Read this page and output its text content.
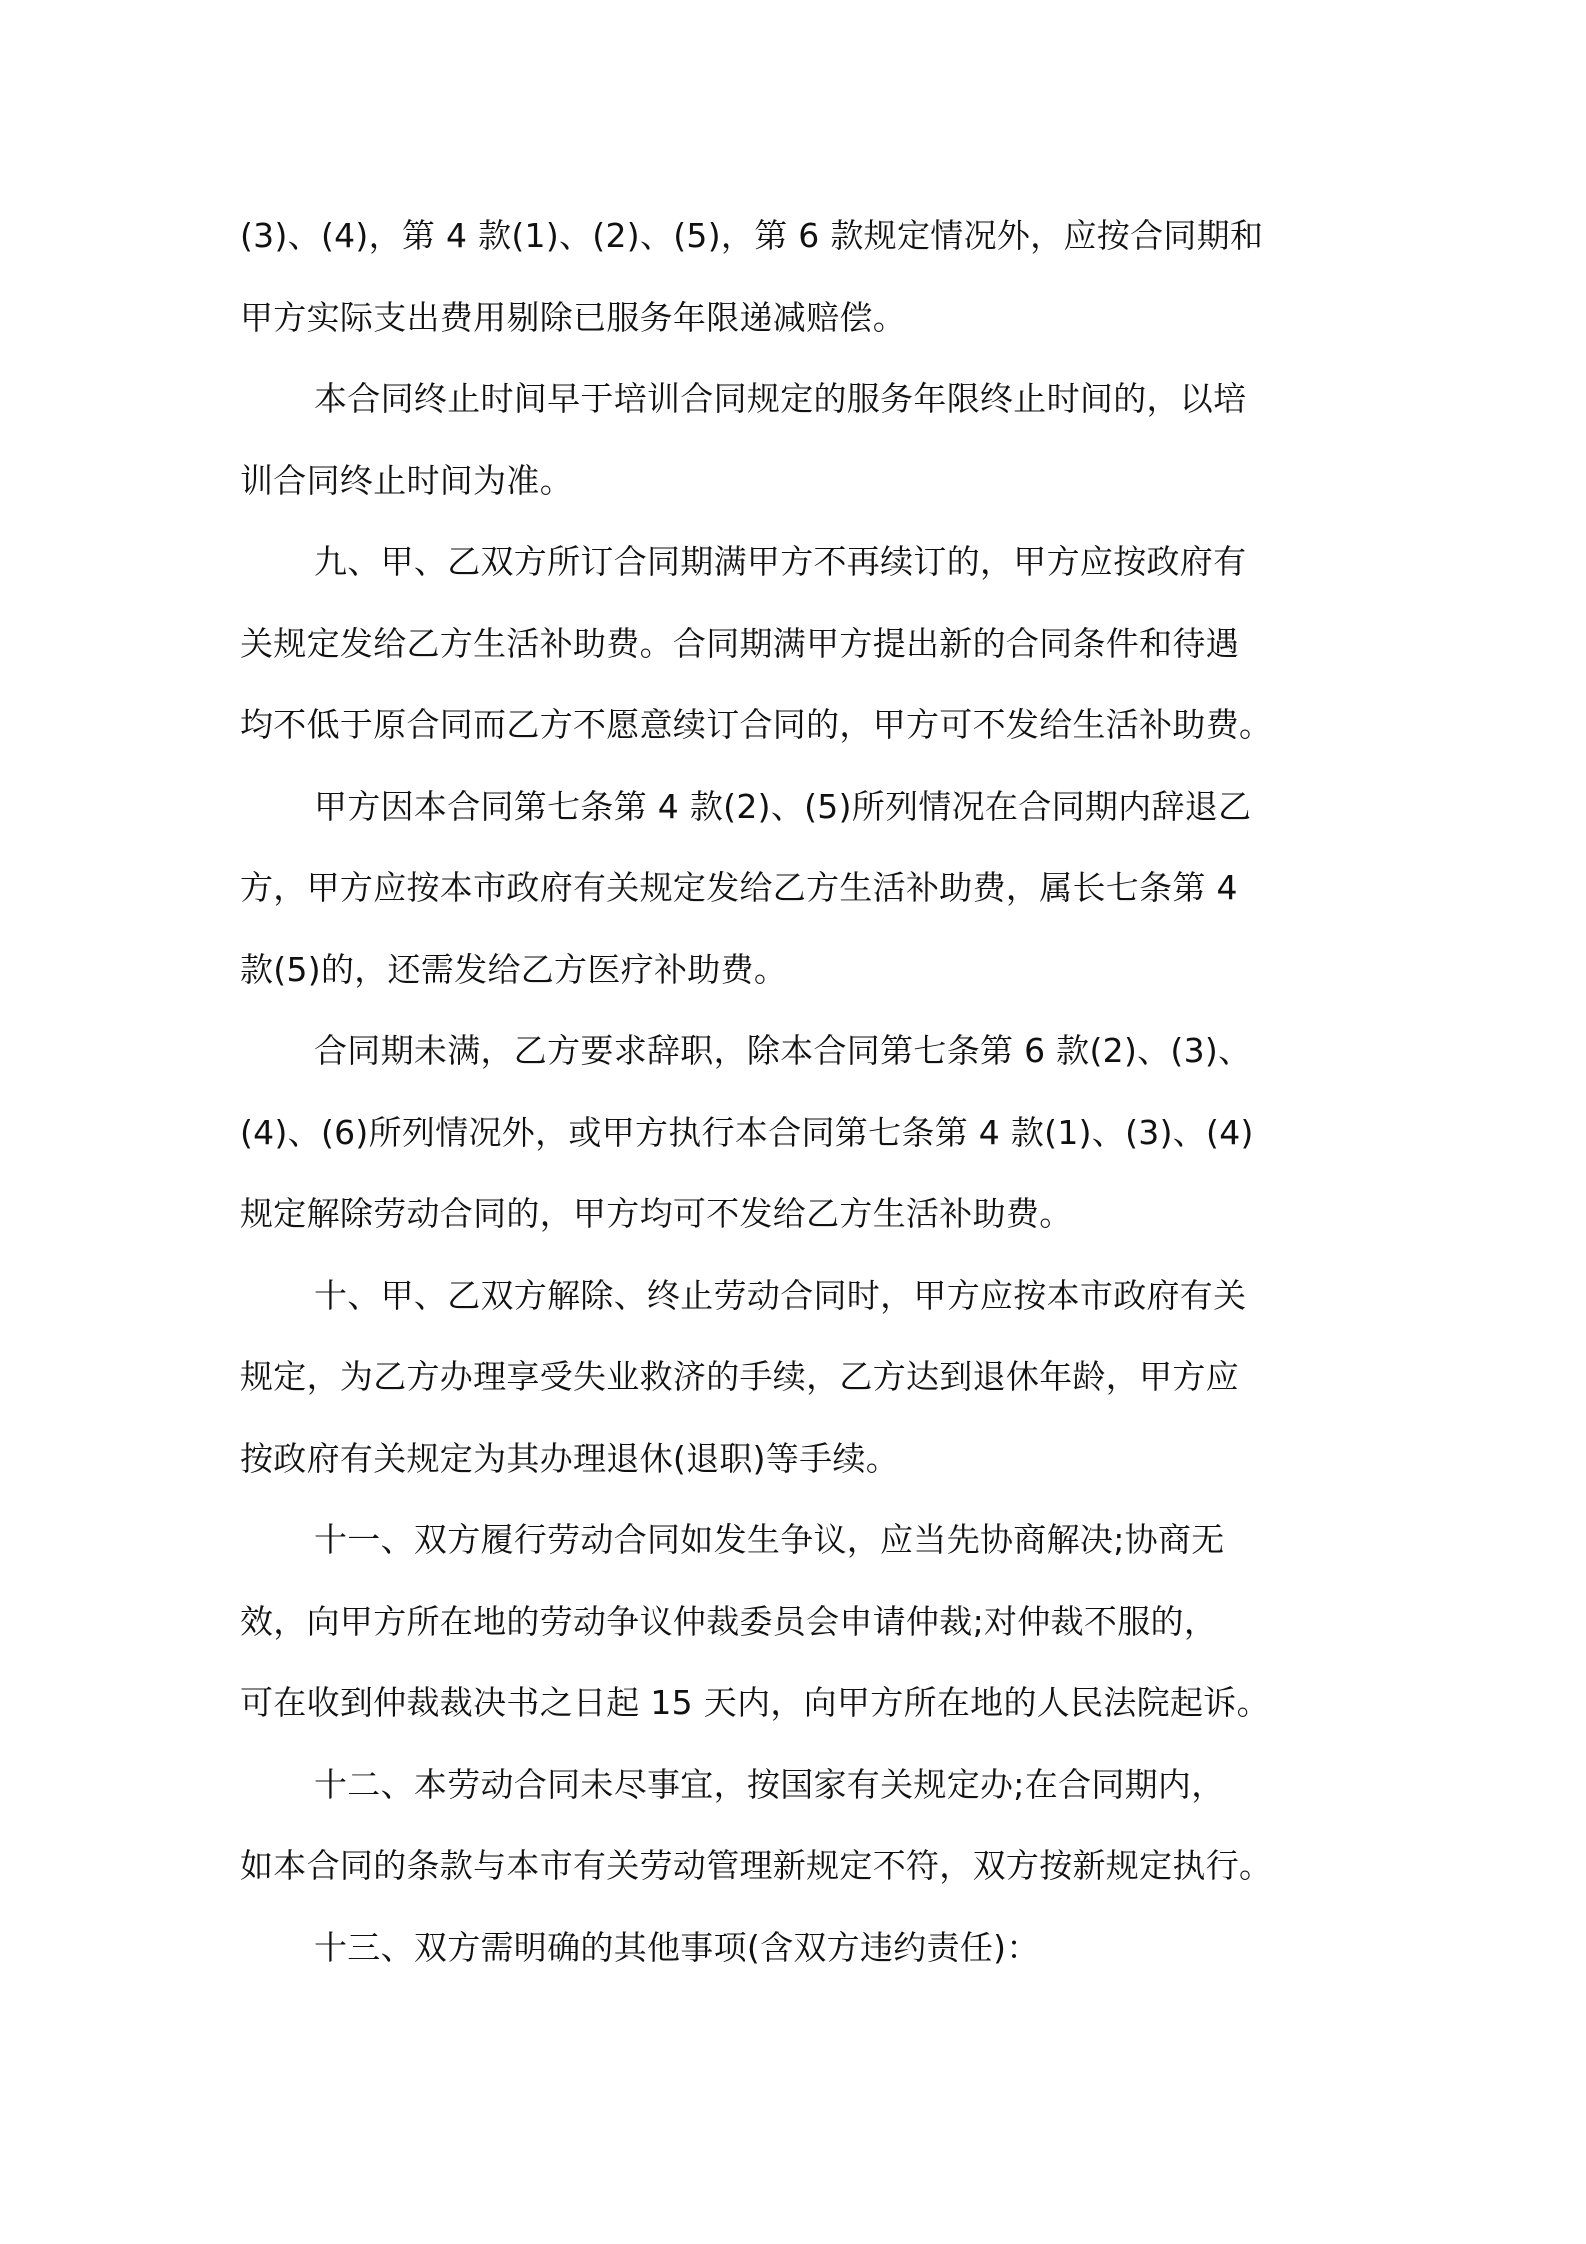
(3)、(4)，第 4 款(1)、(2)、(5)，第 6 款规定情况外，应按合同期和
甲方实际支出费用剔除已服务年限递减赔偿。

本合同终止时间早于培训合同规定的服务年限终止时间的，以培
训合同终止时间为准。

九、甲、乙双方所订合同期满甲方不再续订的，甲方应按政府有
关规定发给乙方生活补助费。合同期满甲方提出新的合同条件和待遇
均不低于原合同而乙方不愿意续订合同的，甲方可不发给生活补助费。

甲方因本合同第七条第 4 款(2)、(5)所列情况在合同期内辞退乙
方，甲方应按本市政府有关规定发给乙方生活补助费，属长七条第 4
款(5)的，还需发给乙方医疗补助费。

合同期未满，乙方要求辞职，除本合同第七条第 6 款(2)、(3)、
(4)、(6)所列情况外，或甲方执行本合同第七条第 4 款(1)、(3)、(4)
规定解除劳动合同的，甲方均可不发给乙方生活补助费。

十、甲、乙双方解除、终止劳动合同时，甲方应按本市政府有关
规定，为乙方办理享受失业救济的手续，乙方达到退休年龄，甲方应
按政府有关规定为其办理退休(退职)等手续。

十一、双方履行劳动合同如发生争议，应当先协商解决;协商无
效，向甲方所在地的劳动争议仲裁委员会申请仲裁;对仲裁不服的，
可在收到仲裁裁决书之日起 15 天内，向甲方所在地的人民法院起诉。

十二、本劳动合同未尽事宜，按国家有关规定办;在合同期内，
如本合同的条款与本市有关劳动管理新规定不符，双方按新规定执行。

十三、双方需明确的其他事项(含双方违约责任)：
